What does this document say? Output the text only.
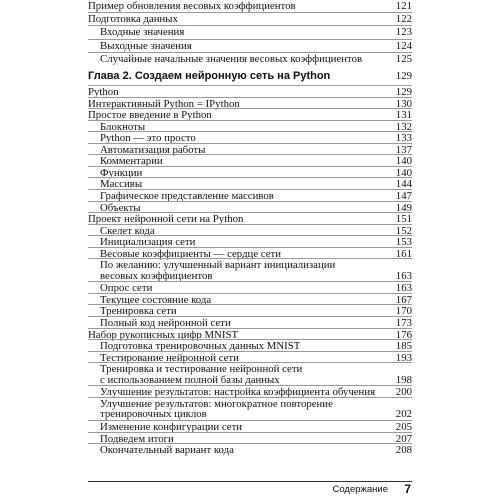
Пример обновления весовых коэффициентов	121
Подготовка данных	122
Входные значения	123
Выходные значения	124
Случайные начальные значения весовых коэффициентов	125
Глава 2. Создаем нейронную сеть на Python	129
Python	129
Интерактивный Python = IPython	130
Простое введение в Python	131
Блокноты	132
Python — это просто	133
Автоматизация работы	137
Комментарии	140
Функции	140
Массивы	144
Графическое представление массивов	147
Объекты	149
Проект нейронной сети на Python	151
Скелет кода	152
Инициализация сети	153
Весовые коэффициенты — сердце сети	161
По желанию: улучшенный вариант инициализации
весовых коэффициентов	163
Опрос сети	163
Текущее состояние кода	167
Тренировка сети	170
Полный код нейронной сети	173
Набор рукописных цифр MNIST	176
Подготовка тренировочных данных MNIST	185
Тестирование нейронной сети	193
Тренировка и тестирование нейронной сети
с использованием полной базы данных	198
Улучшение результатов: настройка коэффициента обучения 200
Улучшение результатов: многократное повторение
тренировочных циклов	202
Изменение конфигурации сети	205
Подведем итоги	207
Окончательный вариант кода	208
Содержание 7
